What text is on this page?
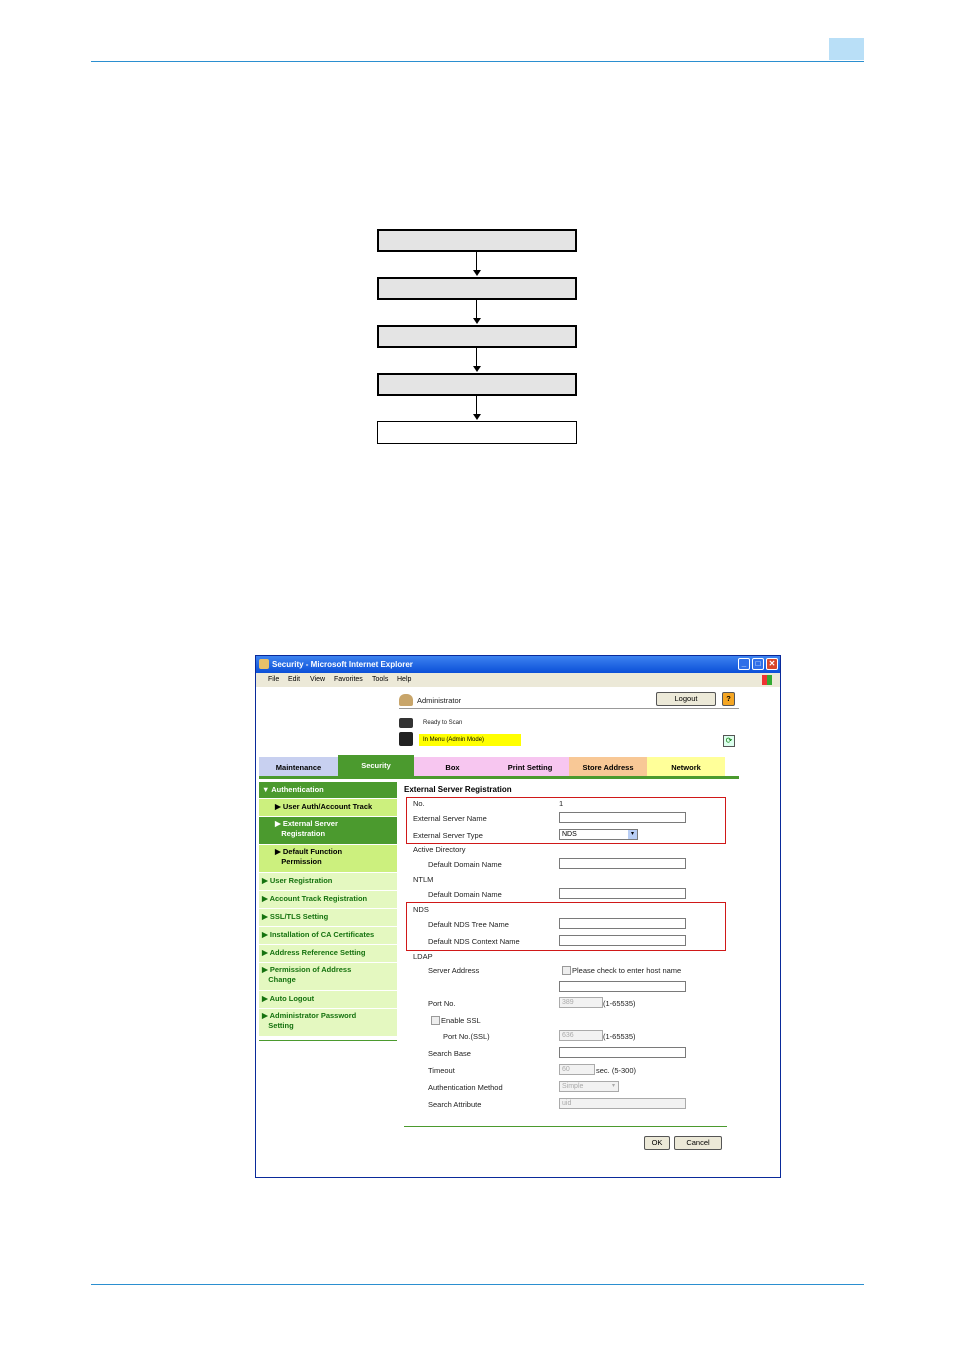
Security - Microsoft Internet Explorer	_	□	✕
File Edit View Favorites Tools Help
Administrator	Logout	?
Ready to Scan
In Menu (Admin Mode)	⟳
Maintenance	Security	Box	Print Setting	Store Address	Network
▼ Authentication
▶ User Auth/Account Track
▶ External Server
Registration
▶ Default Function
Permission
▶ User Registration
▶ Account Track Registration
▶ SSL/TLS Setting
▶ Installation of CA Certificates
▶ Address Reference Setting
▶ Permission of Address
Change
▶ Auto Logout
▶ Administrator Password
Setting
External Server Registration
No.	1
External Server Name
External Server Type	NDS	▾
Active Directory
Default Domain Name
NTLM
Default Domain Name
NDS
Default NDS Tree Name
Default NDS Context Name
LDAP
Server Address	Please check to enter host name
Port No.	389	(1-65535)
Enable SSL
Port No.(SSL)	636	(1-65535)
Search Base
Timeout	60	sec. (5-300)
Authentication Method	Simple	▾
Search Attribute	uid
OK	Cancel
